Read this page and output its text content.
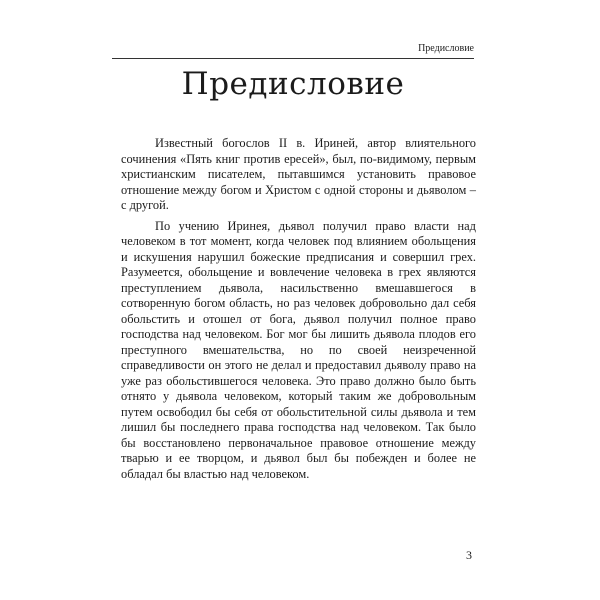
Предисловие
Предисловие

Известный богослов II в. Ириней, автор влиятельного сочинения «Пять книг против ересей», был, по-видимому, первым христианским писателем, пытавшимся установить правовое отношение между богом и Христом с одной стороны и дьяволом – с другой.

По учению Иринея, дьявол получил право власти над человеком в тот момент, когда человек под влиянием обольщения и искушения нарушил божеские предписания и совершил грех. Разумеется, обольщение и вовлечение человека в грех являются преступлением дьявола, насильственно вмешавшегося в сотворенную богом область, но раз человек добровольно дал себя обольстить и отошел от бога, дьявол получил полное право господства над человеком. Бог мог бы лишить дьявола плодов его преступного вмешательства, но по своей неизреченной справедливости он этого не делал и предоставил дьяволу право на уже раз обольстившегося человека. Это право должно было быть отнято у дьявола человеком, который таким же добровольным путем освободил бы себя от обольстительной силы дьявола и тем лишил бы последнего права господства над человеком. Так было бы восстановлено первоначальное правовое отношение между тварью и ее творцом, и дьявол был бы побежден и более не обладал бы властью над человеком.

3
